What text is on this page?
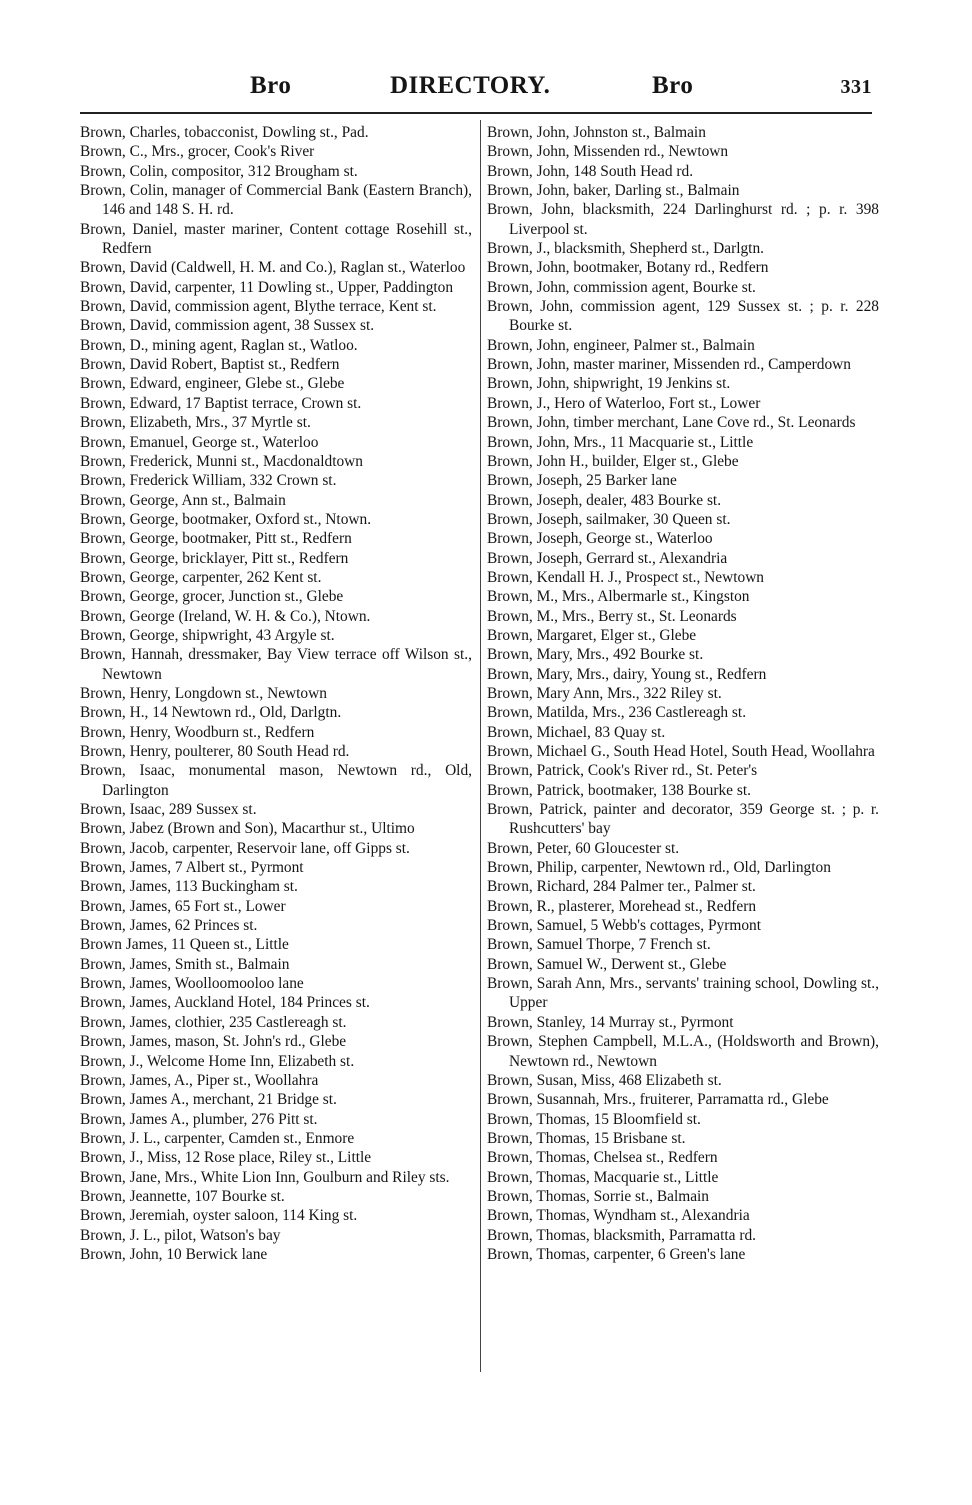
Bro	DIRECTORY.	Bro	331
Brown, Charles, tobacconist, Dowling st., Pad.
Brown, C., Mrs., grocer, Cook's River
Brown, Colin, compositor, 312 Brougham st.
Brown, Colin, manager of Commercial Bank (Eastern Branch), 146 and 148 S. H. rd.
Brown, Daniel, master mariner, Content cottage Rosehill st., Redfern
Brown, David (Caldwell, H. M. and Co.), Raglan st., Waterloo
Brown, David, carpenter, 11 Dowling st., Upper, Paddington
Brown, David, commission agent, Blythe terrace, Kent st.
Brown, David, commission agent, 38 Sussex st.
Brown, D., mining agent, Raglan st., Watloo.
Brown, David Robert, Baptist st., Redfern
Brown, Edward, engineer, Glebe st., Glebe
Brown, Edward, 17 Baptist terrace, Crown st.
Brown, Elizabeth, Mrs., 37 Myrtle st.
Brown, Emanuel, George st., Waterloo
Brown, Frederick, Munni st., Macdonaldtown
Brown, Frederick William, 332 Crown st.
Brown, George, Ann st., Balmain
Brown, George, bootmaker, Oxford st., Ntown.
Brown, George, bootmaker, Pitt st., Redfern
Brown, George, bricklayer, Pitt st., Redfern
Brown, George, carpenter, 262 Kent st.
Brown, George, grocer, Junction st., Glebe
Brown, George (Ireland, W. H. & Co.), Ntown.
Brown, George, shipwright, 43 Argyle st.
Brown, Hannah, dressmaker, Bay View terrace off Wilson st., Newtown
Brown, Henry, Longdown st., Newtown
Brown, H., 14 Newtown rd., Old, Darlgtn.
Brown, Henry, Woodburn st., Redfern
Brown, Henry, poulterer, 80 South Head rd.
Brown, Isaac, monumental mason, Newtown rd., Old, Darlington
Brown, Isaac, 289 Sussex st.
Brown, Jabez (Brown and Son), Macarthur st., Ultimo
Brown, Jacob, carpenter, Reservoir lane, off Gipps st.
Brown, James, 7 Albert st., Pyrmont
Brown, James, 113 Buckingham st.
Brown, James, 65 Fort st., Lower
Brown, James, 62 Princes st.
Brown James, 11 Queen st., Little
Brown, James, Smith st., Balmain
Brown, James, Woolloomooloo lane
Brown, James, Auckland Hotel, 184 Princes st.
Brown, James, clothier, 235 Castlereagh st.
Brown, James, mason, St. John's rd., Glebe
Brown, J., Welcome Home Inn, Elizabeth st.
Brown, James, A., Piper st., Woollahra
Brown, James A., merchant, 21 Bridge st.
Brown, James A., plumber, 276 Pitt st.
Brown, J. L., carpenter, Camden st., Enmore
Brown, J., Miss, 12 Rose place, Riley st., Little
Brown, Jane, Mrs., White Lion Inn, Goulburn and Riley sts.
Brown, Jeannette, 107 Bourke st.
Brown, Jeremiah, oyster saloon, 114 King st.
Brown, J. L., pilot, Watson's bay
Brown, John, 10 Berwick lane
Brown, John, Johnston st., Balmain
Brown, John, Missenden rd., Newtown
Brown, John, 148 South Head rd.
Brown, John, baker, Darling st., Balmain
Brown, John, blacksmith, 224 Darlinghurst rd. ; p. r. 398 Liverpool st.
Brown, J., blacksmith, Shepherd st., Darlgtn.
Brown, John, bootmaker, Botany rd., Redfern
Brown, John, commission agent, Bourke st.
Brown, John, commission agent, 129 Sussex st. ; p. r. 228 Bourke st.
Brown, John, engineer, Palmer st., Balmain
Brown, John, master mariner, Missenden rd., Camperdown
Brown, John, shipwright, 19 Jenkins st.
Brown, J., Hero of Waterloo, Fort st., Lower
Brown, John, timber merchant, Lane Cove rd., St. Leonards
Brown, John, Mrs., 11 Macquarie st., Little
Brown, John H., builder, Elger st., Glebe
Brown, Joseph, 25 Barker lane
Brown, Joseph, dealer, 483 Bourke st.
Brown, Joseph, sailmaker, 30 Queen st.
Brown, Joseph, George st., Waterloo
Brown, Joseph, Gerrard st., Alexandria
Brown, Kendall H. J., Prospect st., Newtown
Brown, M., Mrs., Albermarle st., Kingston
Brown, M., Mrs., Berry st., St. Leonards
Brown, Margaret, Elger st., Glebe
Brown, Mary, Mrs., 492 Bourke st.
Brown, Mary, Mrs., dairy, Young st., Redfern
Brown, Mary Ann, Mrs., 322 Riley st.
Brown, Matilda, Mrs., 236 Castlereagh st.
Brown, Michael, 83 Quay st.
Brown, Michael G., South Head Hotel, South Head, Woollahra
Brown, Patrick, Cook's River rd., St. Peter's
Brown, Patrick, bootmaker, 138 Bourke st.
Brown, Patrick, painter and decorator, 359 George st. ; p. r. Rushcutters' bay
Brown, Peter, 60 Gloucester st.
Brown, Philip, carpenter, Newtown rd., Old, Darlington
Brown, Richard, 284 Palmer ter., Palmer st.
Brown, R., plasterer, Morehead st., Redfern
Brown, Samuel, 5 Webb's cottages, Pyrmont
Brown, Samuel Thorpe, 7 French st.
Brown, Samuel W., Derwent st., Glebe
Brown, Sarah Ann, Mrs., servants' training school, Dowling st., Upper
Brown, Stanley, 14 Murray st., Pyrmont
Brown, Stephen Campbell, M.L.A., (Holdsworth and Brown), Newtown rd., Newtown
Brown, Susan, Miss, 468 Elizabeth st.
Brown, Susannah, Mrs., fruiterer, Parramatta rd., Glebe
Brown, Thomas, 15 Bloomfield st.
Brown, Thomas, 15 Brisbane st.
Brown, Thomas, Chelsea st., Redfern
Brown, Thomas, Macquarie st., Little
Brown, Thomas, Sorrie st., Balmain
Brown, Thomas, Wyndham st., Alexandria
Brown, Thomas, blacksmith, Parramatta rd.
Brown, Thomas, carpenter, 6 Green's lane
